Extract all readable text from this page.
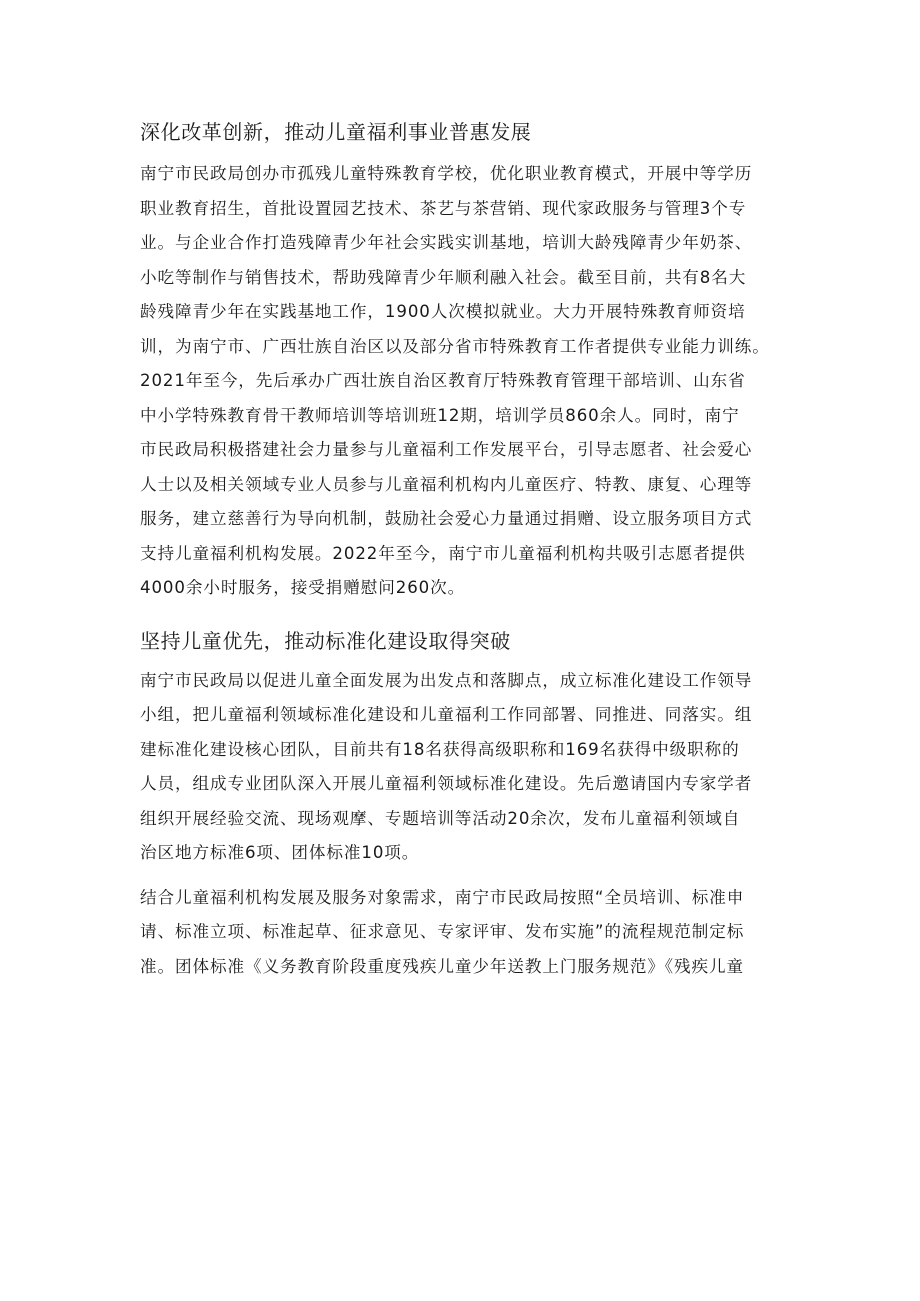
深化改革创新，推动儿童福利事业普惠发展

南宁市民政局创办市孤残儿童特殊教育学校，优化职业教育模式，开展中等学历
职业教育招生，首批设置园艺技术、茶艺与茶营销、现代家政服务与管理3个专
业。与企业合作打造残障青少年社会实践实训基地，培训大龄残障青少年奶茶、
小吃等制作与销售技术，帮助残障青少年顺利融入社会。截至目前，共有8名大
龄残障青少年在实践基地工作，1900人次模拟就业。大力开展特殊教育师资培
训，为南宁市、广西壮族自治区以及部分省市特殊教育工作者提供专业能力训练。
2021年至今，先后承办广西壮族自治区教育厅特殊教育管理干部培训、山东省
中小学特殊教育骨干教师培训等培训班12期，培训学员860余人。同时，南宁
市民政局积极搭建社会力量参与儿童福利工作发展平台，引导志愿者、社会爱心
人士以及相关领域专业人员参与儿童福利机构内儿童医疗、特教、康复、心理等
服务，建立慈善行为导向机制，鼓励社会爱心力量通过捐赠、设立服务项目方式
支持儿童福利机构发展。2022年至今，南宁市儿童福利机构共吸引志愿者提供
4000余小时服务，接受捐赠慰问260次。

坚持儿童优先，推动标准化建设取得突破

南宁市民政局以促进儿童全面发展为出发点和落脚点，成立标准化建设工作领导
小组，把儿童福利领域标准化建设和儿童福利工作同部署、同推进、同落实。组
建标准化建设核心团队，目前共有18名获得高级职称和169名获得中级职称的
人员，组成专业团队深入开展儿童福利领域标准化建设。先后邀请国内专家学者
组织开展经验交流、现场观摩、专题培训等活动20余次，发布儿童福利领域自
治区地方标准6项、团体标准10项。

结合儿童福利机构发展及服务对象需求，南宁市民政局按照“全员培训、标准申
请、标准立项、标准起草、征求意见、专家评审、发布实施”的流程规范制定标
准。团体标准《义务教育阶段重度残疾儿童少年送教上门服务规范》《残疾儿童
